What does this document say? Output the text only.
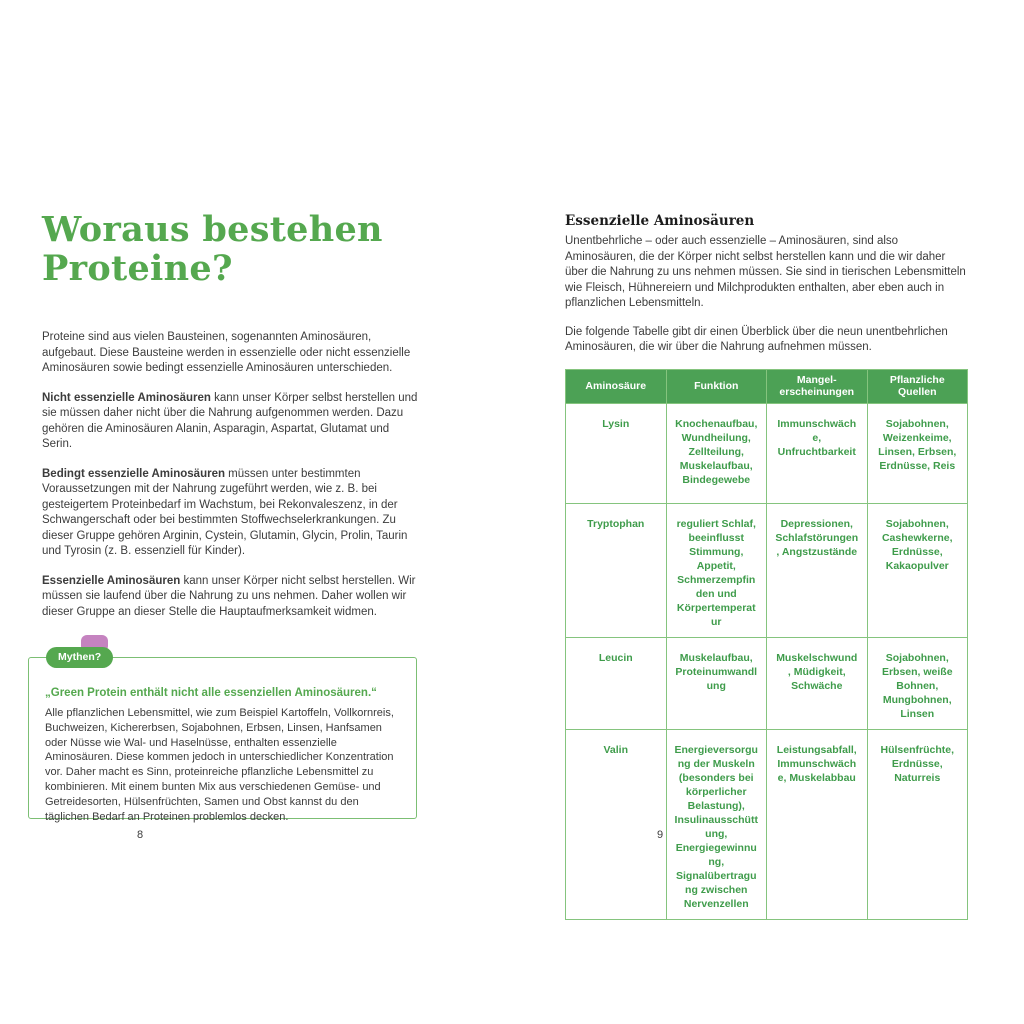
Woraus bestehen Proteine?

Proteine sind aus vielen Bausteinen, sogenannten Aminosäuren, aufgebaut. Diese Bausteine werden in essenzielle oder nicht essenzielle Aminosäuren sowie bedingt essenzielle Aminosäuren unterschieden.

Nicht essenzielle Aminosäuren kann unser Körper selbst herstellen und sie müssen daher nicht über die Nahrung aufgenommen werden. Dazu gehören die Aminosäuren Alanin, Asparagin, Aspartat, Glutamat und Serin.

Bedingt essenzielle Aminosäuren müssen unter bestimmten Voraussetzungen mit der Nahrung zugeführt werden, wie z. B. bei gesteigertem Proteinbedarf im Wachstum, bei Rekonvaleszenz, in der Schwangerschaft oder bei bestimmten Stoffwechselerkrankungen. Zu dieser Gruppe gehören Arginin, Cystein, Glutamin, Glycin, Prolin, Taurin und Tyrosin (z. B. essenziell für Kinder).

Essenzielle Aminosäuren kann unser Körper nicht selbst herstellen. Wir müssen sie laufend über die Nahrung zu uns nehmen. Daher wollen wir dieser Gruppe an dieser Stelle die Hauptaufmerksamkeit widmen.

Mythen?
„Green Protein enthält nicht alle essenziellen Aminosäuren.“
Alle pflanzlichen Lebensmittel, wie zum Beispiel Kartoffeln, Vollkornreis, Buchweizen, Kichererbsen, Sojabohnen, Erbsen, Linsen, Hanfsamen oder Nüsse wie Wal- und Haselnüsse, enthalten essenzielle Aminosäuren. Diese kommen jedoch in unterschiedlicher Konzentration vor. Daher macht es Sinn, proteinreiche pflanzliche Lebensmittel zu kombinieren. Mit einem bunten Mix aus verschiedenen Gemüse- und Getreidesorten, Hülsenfrüchten, Samen und Obst kannst du den täglichen Bedarf an Proteinen problemlos decken.
8
Essenzielle Aminosäuren

Unentbehrliche – oder auch essenzielle – Aminosäuren, sind also Aminosäuren, die der Körper nicht selbst herstellen kann und die wir daher über die Nahrung zu uns nehmen müssen. Sie sind in tierischen Lebensmitteln wie Fleisch, Hühnereiern und Milchprodukten enthalten, aber eben auch in pflanzlichen Lebensmitteln.

Die folgende Tabelle gibt dir einen Überblick über die neun unentbehrlichen Aminosäuren, die wir über die Nahrung aufnehmen müssen.

Aminosäure	Funktion	Mangelerscheinungen	Pflanzliche Quellen
Lysin	Knochenaufbau, Wundheilung, Zellteilung, Muskelaufbau, Bindegewebe	Immunschwäche, Unfruchtbarkeit	Sojabohnen, Weizenkeime, Linsen, Erbsen, Erdnüsse, Reis
Tryptophan	reguliert Schlaf, beeinflusst Stimmung, Appetit, Schmerzempfinden und Körpertemperatur	Depressionen, Schlafstörungen, Angstzustände	Sojabohnen, Cashewkerne, Erdnüsse, Kakaopulver
Leucin	Muskelaufbau, Proteinumwandlung	Muskelschwund, Müdigkeit, Schwäche	Sojabohnen, Erbsen, weiße Bohnen, Mungbohnen, Linsen
Valin	Energieversorgung der Muskeln (besonders bei körperlicher Belastung), Insulinausschüttung, Energiegewinnung, Signalübertragung zwischen Nervenzellen	Leistungsabfall, Immunschwäche, Muskelabbau	Hülsenfrüchte, Erdnüsse, Naturreis
9
